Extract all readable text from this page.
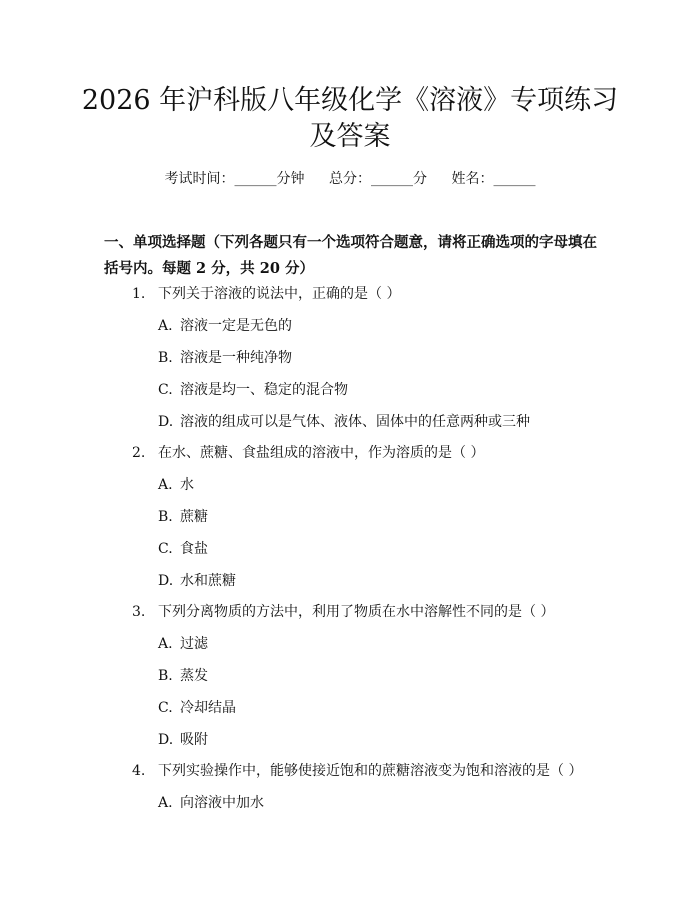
2026 年沪科版八年级化学《溶液》专项练习
及答案
考试时间：______分钟 总分：______分 姓名：______
一、单项选择题（下列各题只有一个选项符合题意，请将正确选项的字母填在括号内。每题 2 分，共 20 分）
1. 下列关于溶液的说法中，正确的是（ ）
A. 溶液一定是无色的
B. 溶液是一种纯净物
C. 溶液是均一、稳定的混合物
D. 溶液的组成可以是气体、液体、固体中的任意两种或三种
2. 在水、蔗糖、食盐组成的溶液中，作为溶质的是（ ）
A. 水
B. 蔗糖
C. 食盐
D. 水和蔗糖
3. 下列分离物质的方法中，利用了物质在水中溶解性不同的是（ ）
A. 过滤
B. 蒸发
C. 冷却结晶
D. 吸附
4. 下列实验操作中，能够使接近饱和的蔗糖溶液变为饱和溶液的是（ ）
A. 向溶液中加水
